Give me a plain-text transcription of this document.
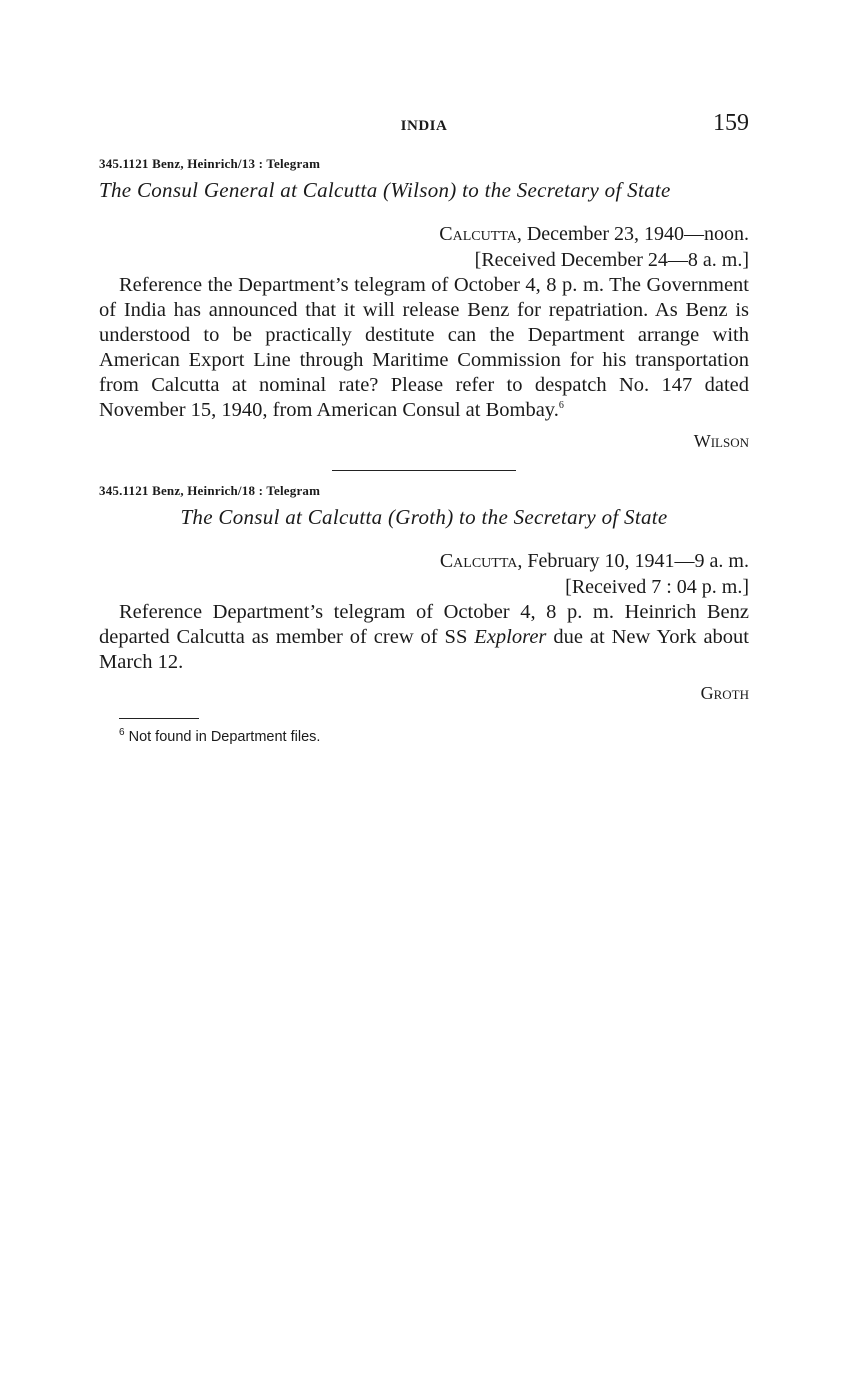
INDIA	159
345.1121 Benz, Heinrich/13 : Telegram
The Consul General at Calcutta (Wilson) to the Secretary of State
Calcutta, December 23, 1940—noon.
[Received December 24—8 a. m.]

Reference the Department’s telegram of October 4, 8 p. m. The Government of India has announced that it will release Benz for repatriation. As Benz is understood to be practically destitute can the Department arrange with American Export Line through Maritime Commission for his transportation from Calcutta at nominal rate? Please refer to despatch No. 147 dated November 15, 1940, from American Consul at Bombay.$^6$

Wilson
345.1121 Benz, Heinrich/18 : Telegram
The Consul at Calcutta (Groth) to the Secretary of State
Calcutta, February 10, 1941—9 a. m.
[Received 7 : 04 p. m.]

Reference Department’s telegram of October 4, 8 p. m. Heinrich Benz departed Calcutta as member of crew of SS Explorer due at New York about March 12.

Groth
$^6$ Not found in Department files.
